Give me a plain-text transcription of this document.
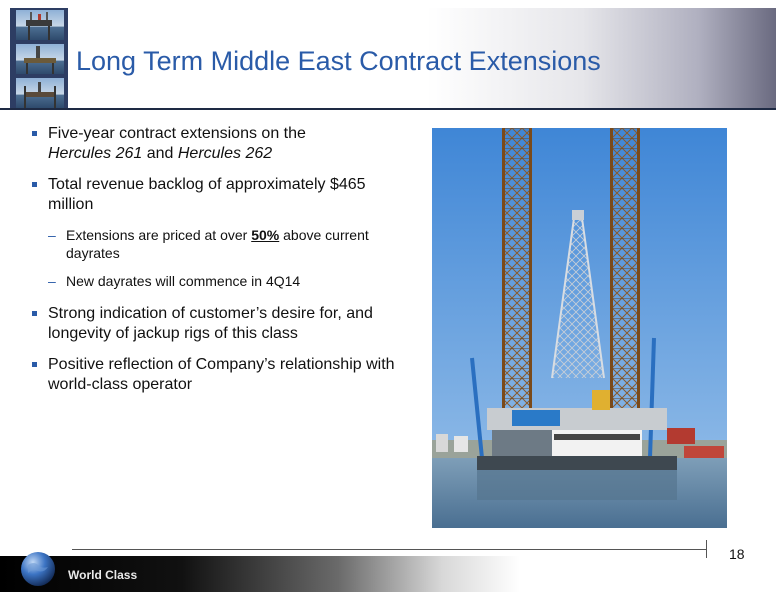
Long Term Middle East Contract Extensions
Five-year contract extensions on the
Hercules 261 and Hercules 262
Total revenue backlog of approximately $465 million
– Extensions are priced at over 50% above current dayrates
– New dayrates will commence in 4Q14
Strong indication of customer’s desire for, and longevity of jackup rigs of this class
Positive reflection of Company’s relationship with world-class operator
18
World Class
